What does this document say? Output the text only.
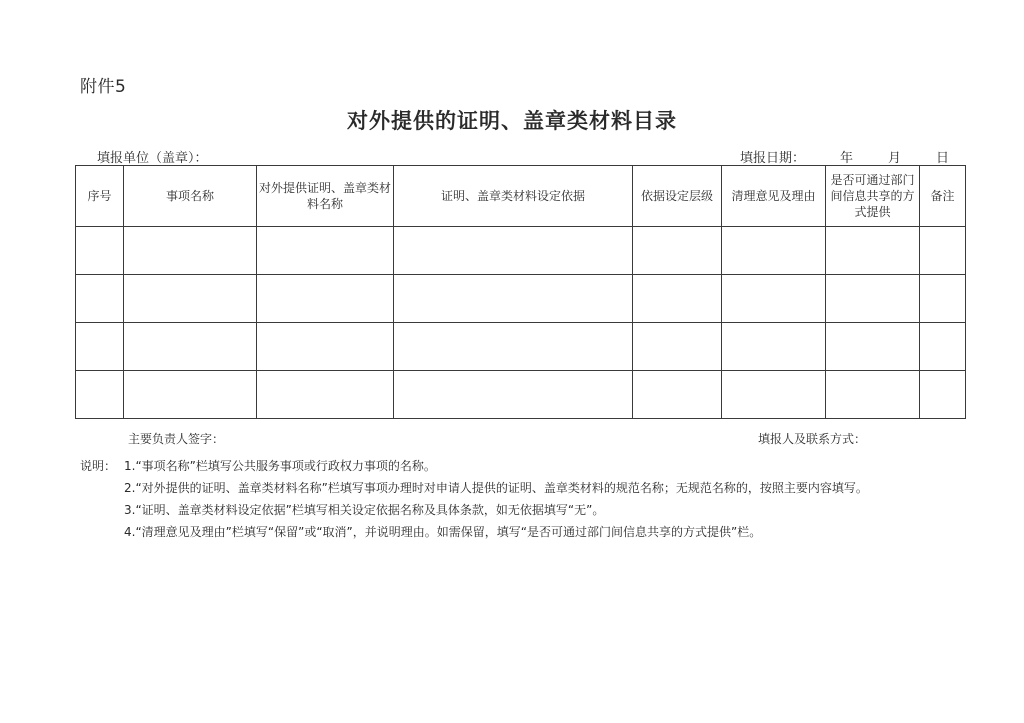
附件5
对外提供的证明、盖章类材料目录
填报单位（盖章）：	填报日期：	年	月	日
序号	事项名称	对外提供证明、盖章类材料名称	证明、盖章类材料设定依据	依据设定层级	清理意见及理由	是否可通过部门间信息共享的方式提供	备注

主要负责人签字：	填报人及联系方式：
说明： 1.“事项名称”栏填写公共服务事项或行政权力事项的名称。
2.“对外提供的证明、盖章类材料名称”栏填写事项办理时对申请人提供的证明、盖章类材料的规范名称；无规范名称的，按照主要内容填写。
3.“证明、盖章类材料设定依据”栏填写相关设定依据名称及具体条款，如无依据填写“无”。
4.“清理意见及理由”栏填写“保留”或“取消”，并说明理由。如需保留，填写“是否可通过部门间信息共享的方式提供”栏。
